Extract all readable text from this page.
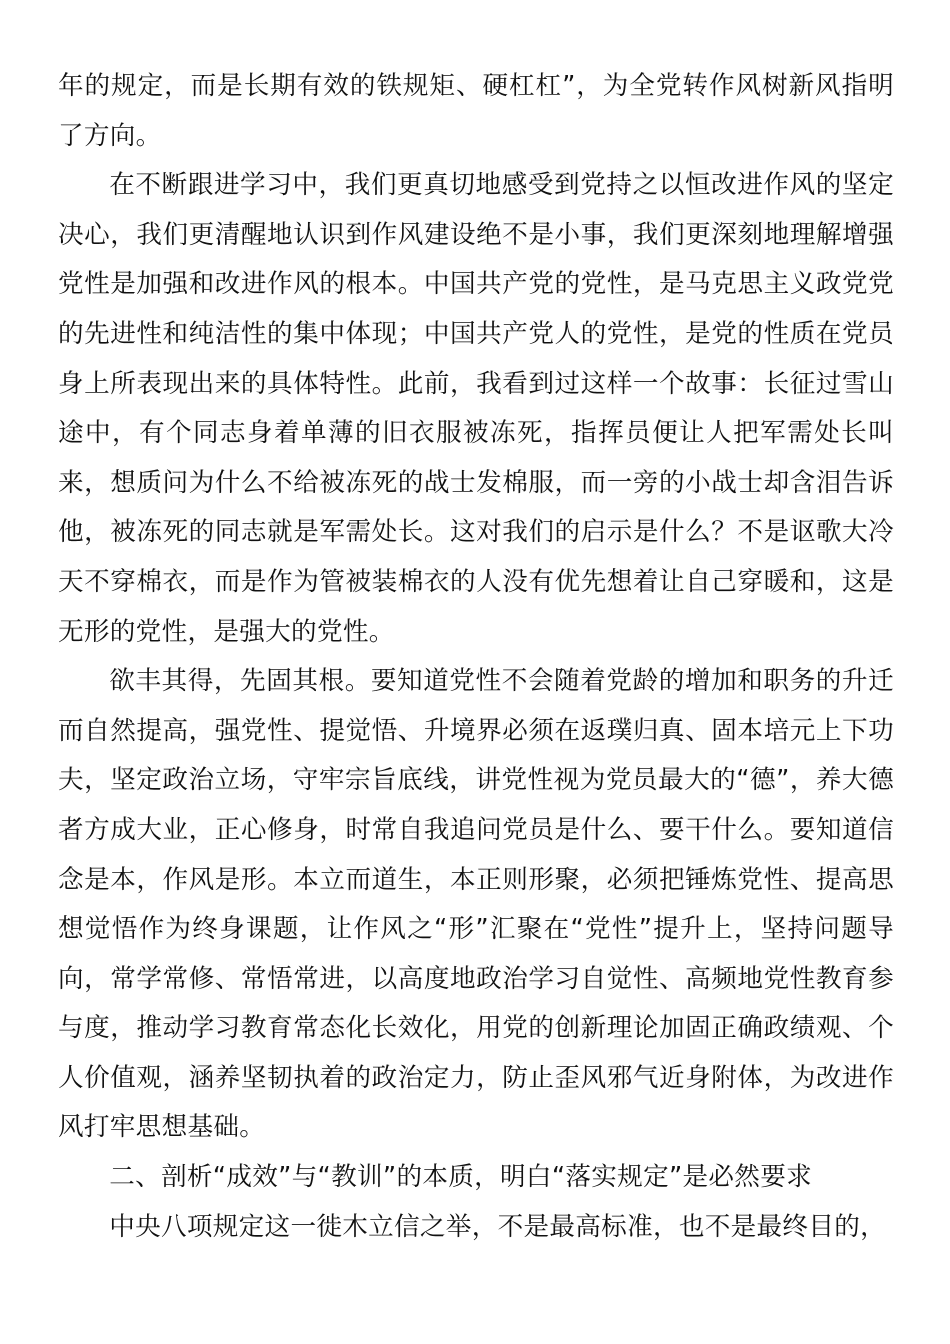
年的规定，而是长期有效的铁规矩、硬杠杠”，为全党转作风树新风指明了方向。

在不断跟进学习中，我们更真切地感受到党持之以恒改进作风的坚定决心，我们更清醒地认识到作风建设绝不是小事，我们更深刻地理解增强党性是加强和改进作风的根本。中国共产党的党性，是马克思主义政党党的先进性和纯洁性的集中体现；中国共产党人的党性，是党的性质在党员身上所表现出来的具体特性。此前，我看到过这样一个故事：长征过雪山途中，有个同志身着单薄的旧衣服被冻死，指挥员便让人把军需处长叫来，想质问为什么不给被冻死的战士发棉服，而一旁的小战士却含泪告诉他，被冻死的同志就是军需处长。这对我们的启示是什么？不是讴歌大冷天不穿棉衣，而是作为管被装棉衣的人没有优先想着让自己穿暖和，这是无形的党性，是强大的党性。

欲丰其得，先固其根。要知道党性不会随着党龄的增加和职务的升迁而自然提高，强党性、提觉悟、升境界必须在返璞归真、固本培元上下功夫，坚定政治立场，守牢宗旨底线，讲党性视为党员最大的“德”，养大德者方成大业，正心修身，时常自我追问党员是什么、要干什么。要知道信念是本，作风是形。本立而道生，本正则形聚，必须把锤炼党性、提高思想觉悟作为终身课题，让作风之“形”汇聚在“党性”提升上，坚持问题导向，常学常修、常悟常进，以高度地政治学习自觉性、高频地党性教育参与度，推动学习教育常态化长效化，用党的创新理论加固正确政绩观、个人价值观，涵养坚韧执着的政治定力，防止歪风邪气近身附体，为改进作风打牢思想基础。

二、剖析“成效”与“教训”的本质，明白“落实规定”是必然要求

中央八项规定这一徙木立信之举，不是最高标准，也不是最终目的，
